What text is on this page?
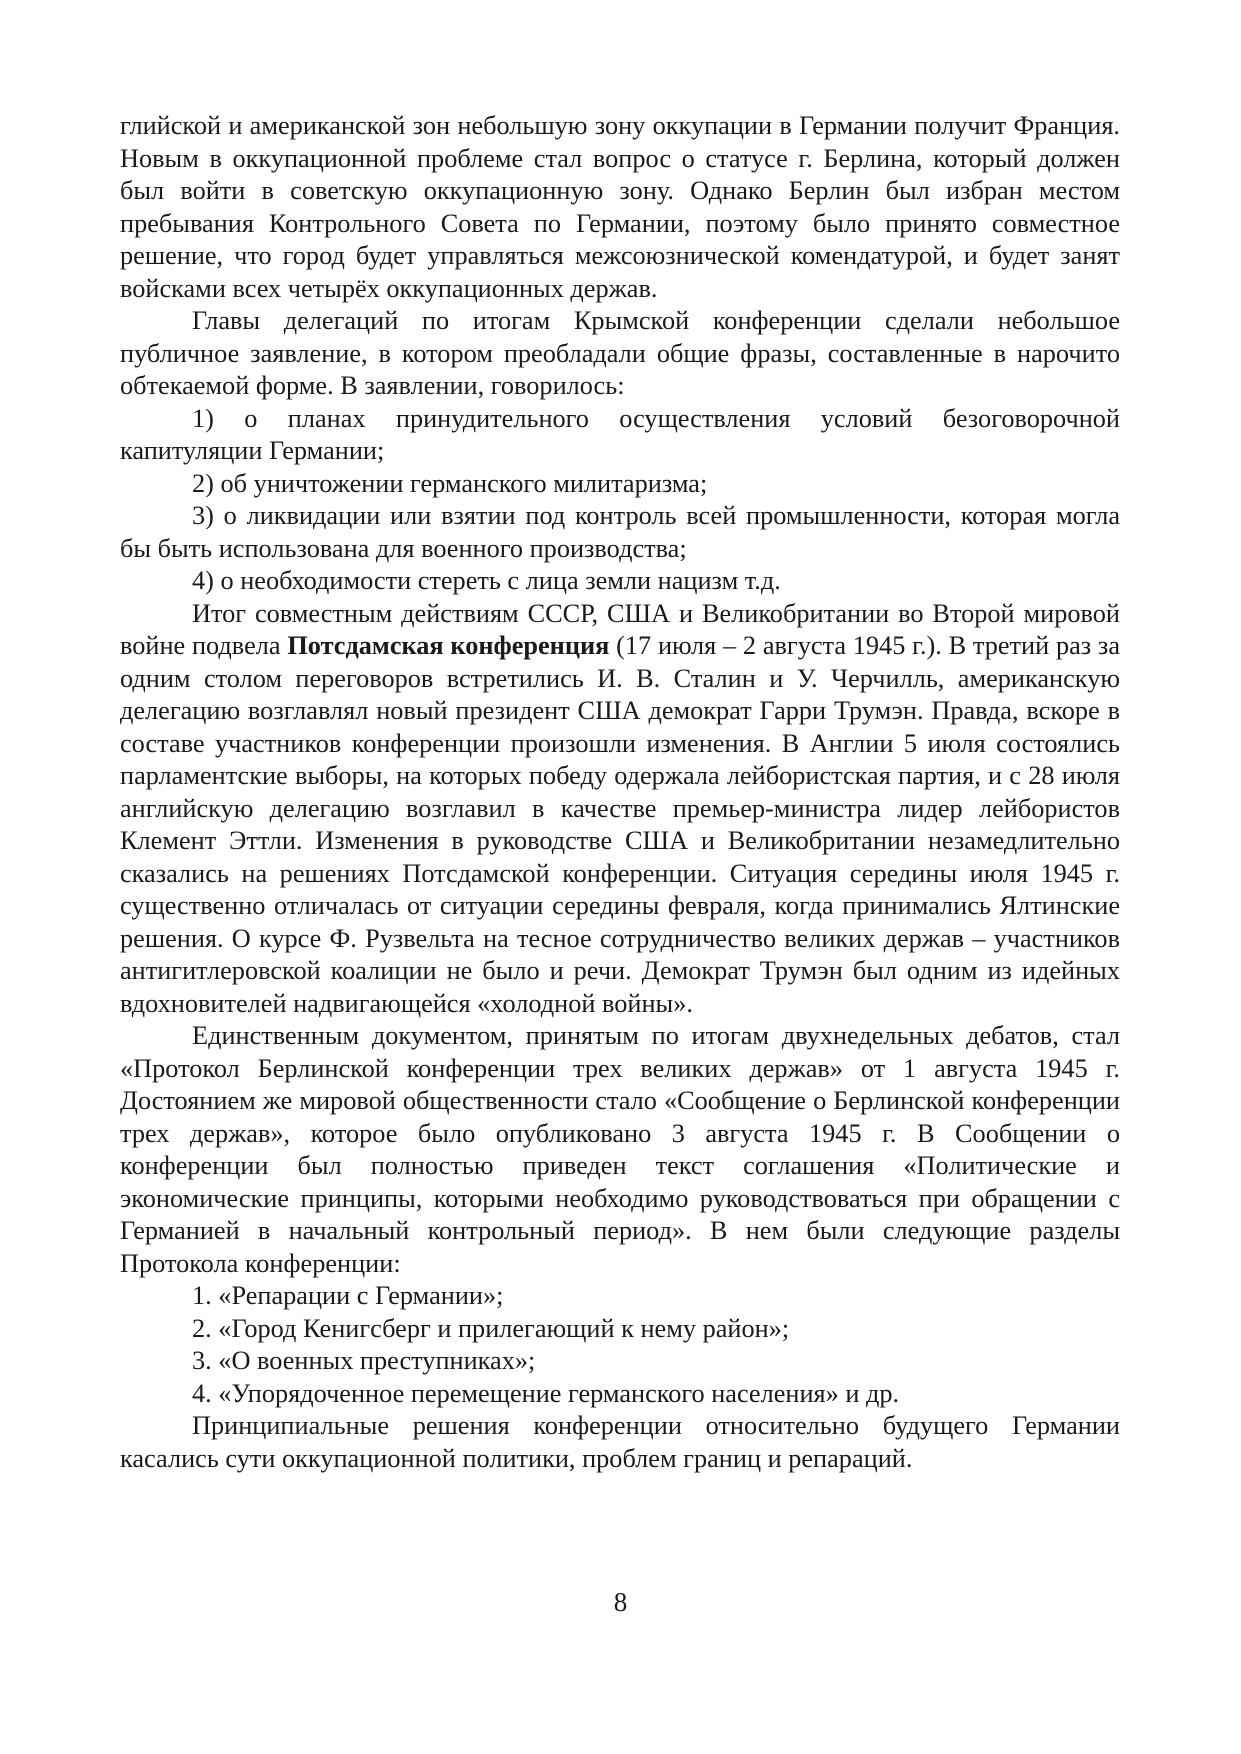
глийской и американской зон небольшую зону оккупации в Германии получит Франция. Новым в оккупационной проблеме стал вопрос о статусе г. Берлина, который должен был войти в советскую оккупационную зону. Однако Берлин был избран местом пребывания Контрольного Совета по Германии, поэтому было принято совместное решение, что город будет управляться межсоюзнической комендатурой, и будет занят войсками всех четырёх оккупационных держав.

Главы делегаций по итогам Крымской конференции сделали небольшое публичное заявление, в котором преобладали общие фразы, составленные в нарочито обтекаемой форме. В заявлении, говорилось:

1) о планах принудительного осуществления условий безоговорочной капитуляции Германии;

2) об уничтожении германского милитаризма;

3) о ликвидации или взятии под контроль всей промышленности, которая могла бы быть использована для военного производства;

4) о необходимости стереть с лица земли нацизм т.д.

Итог совместным действиям СССР, США и Великобритании во Второй мировой войне подвела Потсдамская конференция (17 июля – 2 августа 1945 г.). В третий раз за одним столом переговоров встретились И. В. Сталин и У. Черчилль, американскую делегацию возглавлял новый президент США демократ Гарри Трумэн. Правда, вскоре в составе участников конференции произошли изменения. В Англии 5 июля состоялись парламентские выборы, на которых победу одержала лейбористская партия, и с 28 июля английскую делегацию возглавил в качестве премьер-министра лидер лейбористов Клемент Эттли. Изменения в руководстве США и Великобритании незамедлительно сказались на решениях Потсдамской конференции. Ситуация середины июля 1945 г. существенно отличалась от ситуации середины февраля, когда принимались Ялтинские решения. О курсе Ф. Рузвельта на тесное сотрудничество великих держав – участников антигитлеровской коалиции не было и речи. Демократ Трумэн был одним из идейных вдохновителей надвигающейся «холодной войны».

Единственным документом, принятым по итогам двухнедельных дебатов, стал «Протокол Берлинской конференции трех великих держав» от 1 августа 1945 г. Достоянием же мировой общественности стало «Сообщение о Берлинской конференции трех держав», которое было опубликовано 3 августа 1945 г. В Сообщении о конференции был полностью приведен текст соглашения «Политические и экономические принципы, которыми необходимо руководствоваться при обращении с Германией в начальный контрольный период». В нем были следующие разделы Протокола конференции:

1. «Репарации с Германии»;

2. «Город Кенигсберг и прилегающий к нему район»;

3. «О военных преступниках»;

4. «Упорядоченное перемещение германского населения» и др.

Принципиальные решения конференции относительно будущего Германии касались сути оккупационной политики, проблем границ и репараций.

8
